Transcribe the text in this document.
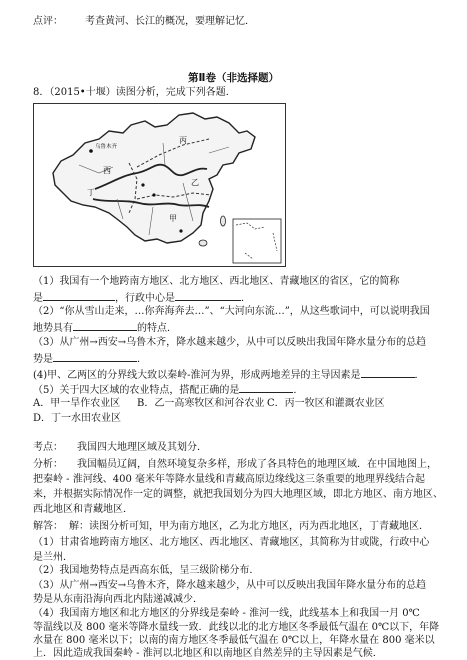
点评： 考查黄河、长江的概况，要理解记忆．
第Ⅱ卷（非选择题）
8．（2015•十堰）读图分析，完成下列各题．
乌鲁木齐
西
乙
甲
丙
丁
（1）我国有一个地跨南方地区、北方地区、西北地区、青藏地区的省区，它的简称
是	，行政中心是	．
（2）“你从雪山走来，…你奔海奔去…”、“大河向东流…”，从这些歌词中，可以说明我国
地势具有	的特点．
（3）从广州→西安→乌鲁木齐，降水越来越少，从中可以反映出我国年降水量分布的总趋
势是	．
(4)甲、乙两区的分界线大致以秦岭-淮河为界，形成两地差异的主导因素是	．
（5）关于四大区域的农业特点，搭配正确的是	．
A．甲一旱作农业区 B．乙一高寒牧区和河谷农业 C．丙一牧区和灌溉农业区
D．丁一水田农业区
考点： 我国四大地理区域及其划分．
分析： 我国幅员辽阔，自然环境复杂多样，形成了各具特色的地理区域．在中国地图上，
把秦岭 - 淮河线、400 毫米年等降水量线和青藏高原边缘线这三条重要的地理界线结合起
来，并根据实际情况作一定的调整，就把我国划分为四大地理区域，即北方地区、南方地区、
西北地区和青藏地区．
解答： 解：读图分析可知，甲为南方地区，乙为北方地区，丙为西北地区，丁青藏地区．
（1）甘肃省地跨南方地区、北方地区、西北地区、青藏地区，其简称为甘或陇，行政中心
是兰州．
（2）我国地势特点是西高东低，呈三级阶梯分布．
（3）从广州→西安→乌鲁木齐，降水越来越少，从中可以反映出我国年降水量分布的总趋
势是从东南沿海向西北内陆递减减少．
（4）我国南方地区和北方地区的分界线是秦岭 - 淮河一线，此线基本上和我国一月 0℃
等温线以及 800 毫米等降水量线一致．此线以北的北方地区冬季最低气温在 0℃以下，年降
水量在 800 毫米以下；以南的南方地区冬季最低气温在 0℃以上，年降水量在 800 毫米以
上．因此造成我国秦岭 - 淮河以北地区和以南地区自然差异的主导因素是气候．
